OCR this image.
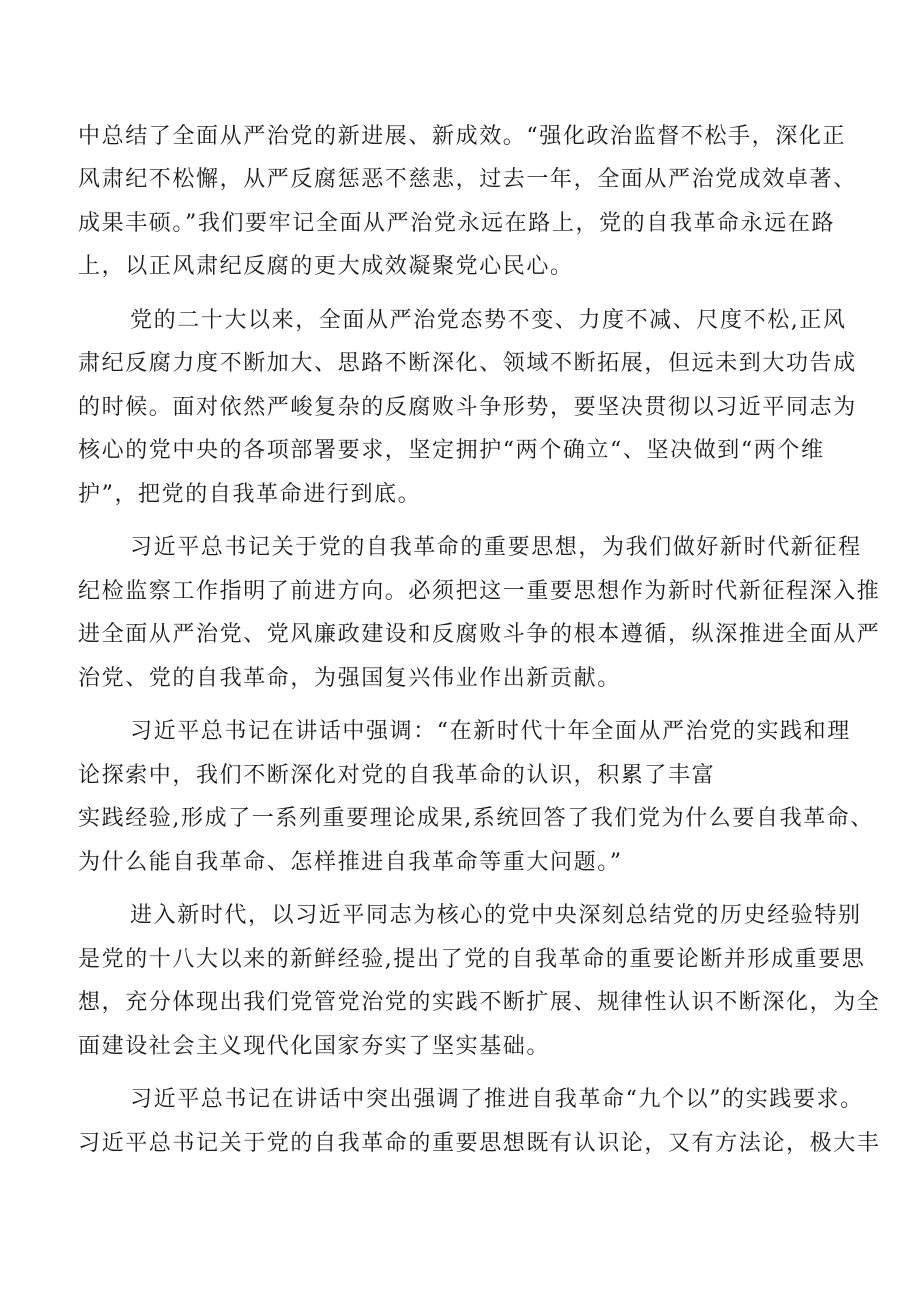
中总结了全面从严治党的新进展、新成效。“强化政治监督不松手，深化正
风肃纪不松懈，从严反腐惩恶不慈悲，过去一年，全面从严治党成效卓著、
成果丰硕。”我们要牢记全面从严治党永远在路上，党的自我革命永远在路
上，以正风肃纪反腐的更大成效凝聚党心民心。
党的二十大以来，全面从严治党态势不变、力度不减、尺度不松,正风
肃纪反腐力度不断加大、思路不断深化、领域不断拓展，但远未到大功告成
的时候。面对依然严峻复杂的反腐败斗争形势，要坚决贯彻以习近平同志为
核心的党中央的各项部署要求，坚定拥护“两个确立“、坚决做到“两个维
护”，把党的自我革命进行到底。
习近平总书记关于党的自我革命的重要思想，为我们做好新时代新征程
纪检监察工作指明了前进方向。必须把这一重要思想作为新时代新征程深入推
进全面从严治党、党风廉政建设和反腐败斗争的根本遵循，纵深推进全面从严
治党、党的自我革命，为强国复兴伟业作出新贡献。
习近平总书记在讲话中强调：“在新时代十年全面从严治党的实践和理
论探索中，我们不断深化对党的自我革命的认识，积累了丰富
实践经验,形成了一系列重要理论成果,系统回答了我们党为什么要自我革命、
为什么能自我革命、怎样推进自我革命等重大问题。”
进入新时代，以习近平同志为核心的党中央深刻总结党的历史经验特别
是党的十八大以来的新鲜经验,提出了党的自我革命的重要论断并形成重要思
想，充分体现出我们党管党治党的实践不断扩展、规律性认识不断深化，为全
面建设社会主义现代化国家夯实了坚实基础。
习近平总书记在讲话中突出强调了推进自我革命“九个以”的实践要求。
习近平总书记关于党的自我革命的重要思想既有认识论，又有方法论，极大丰
